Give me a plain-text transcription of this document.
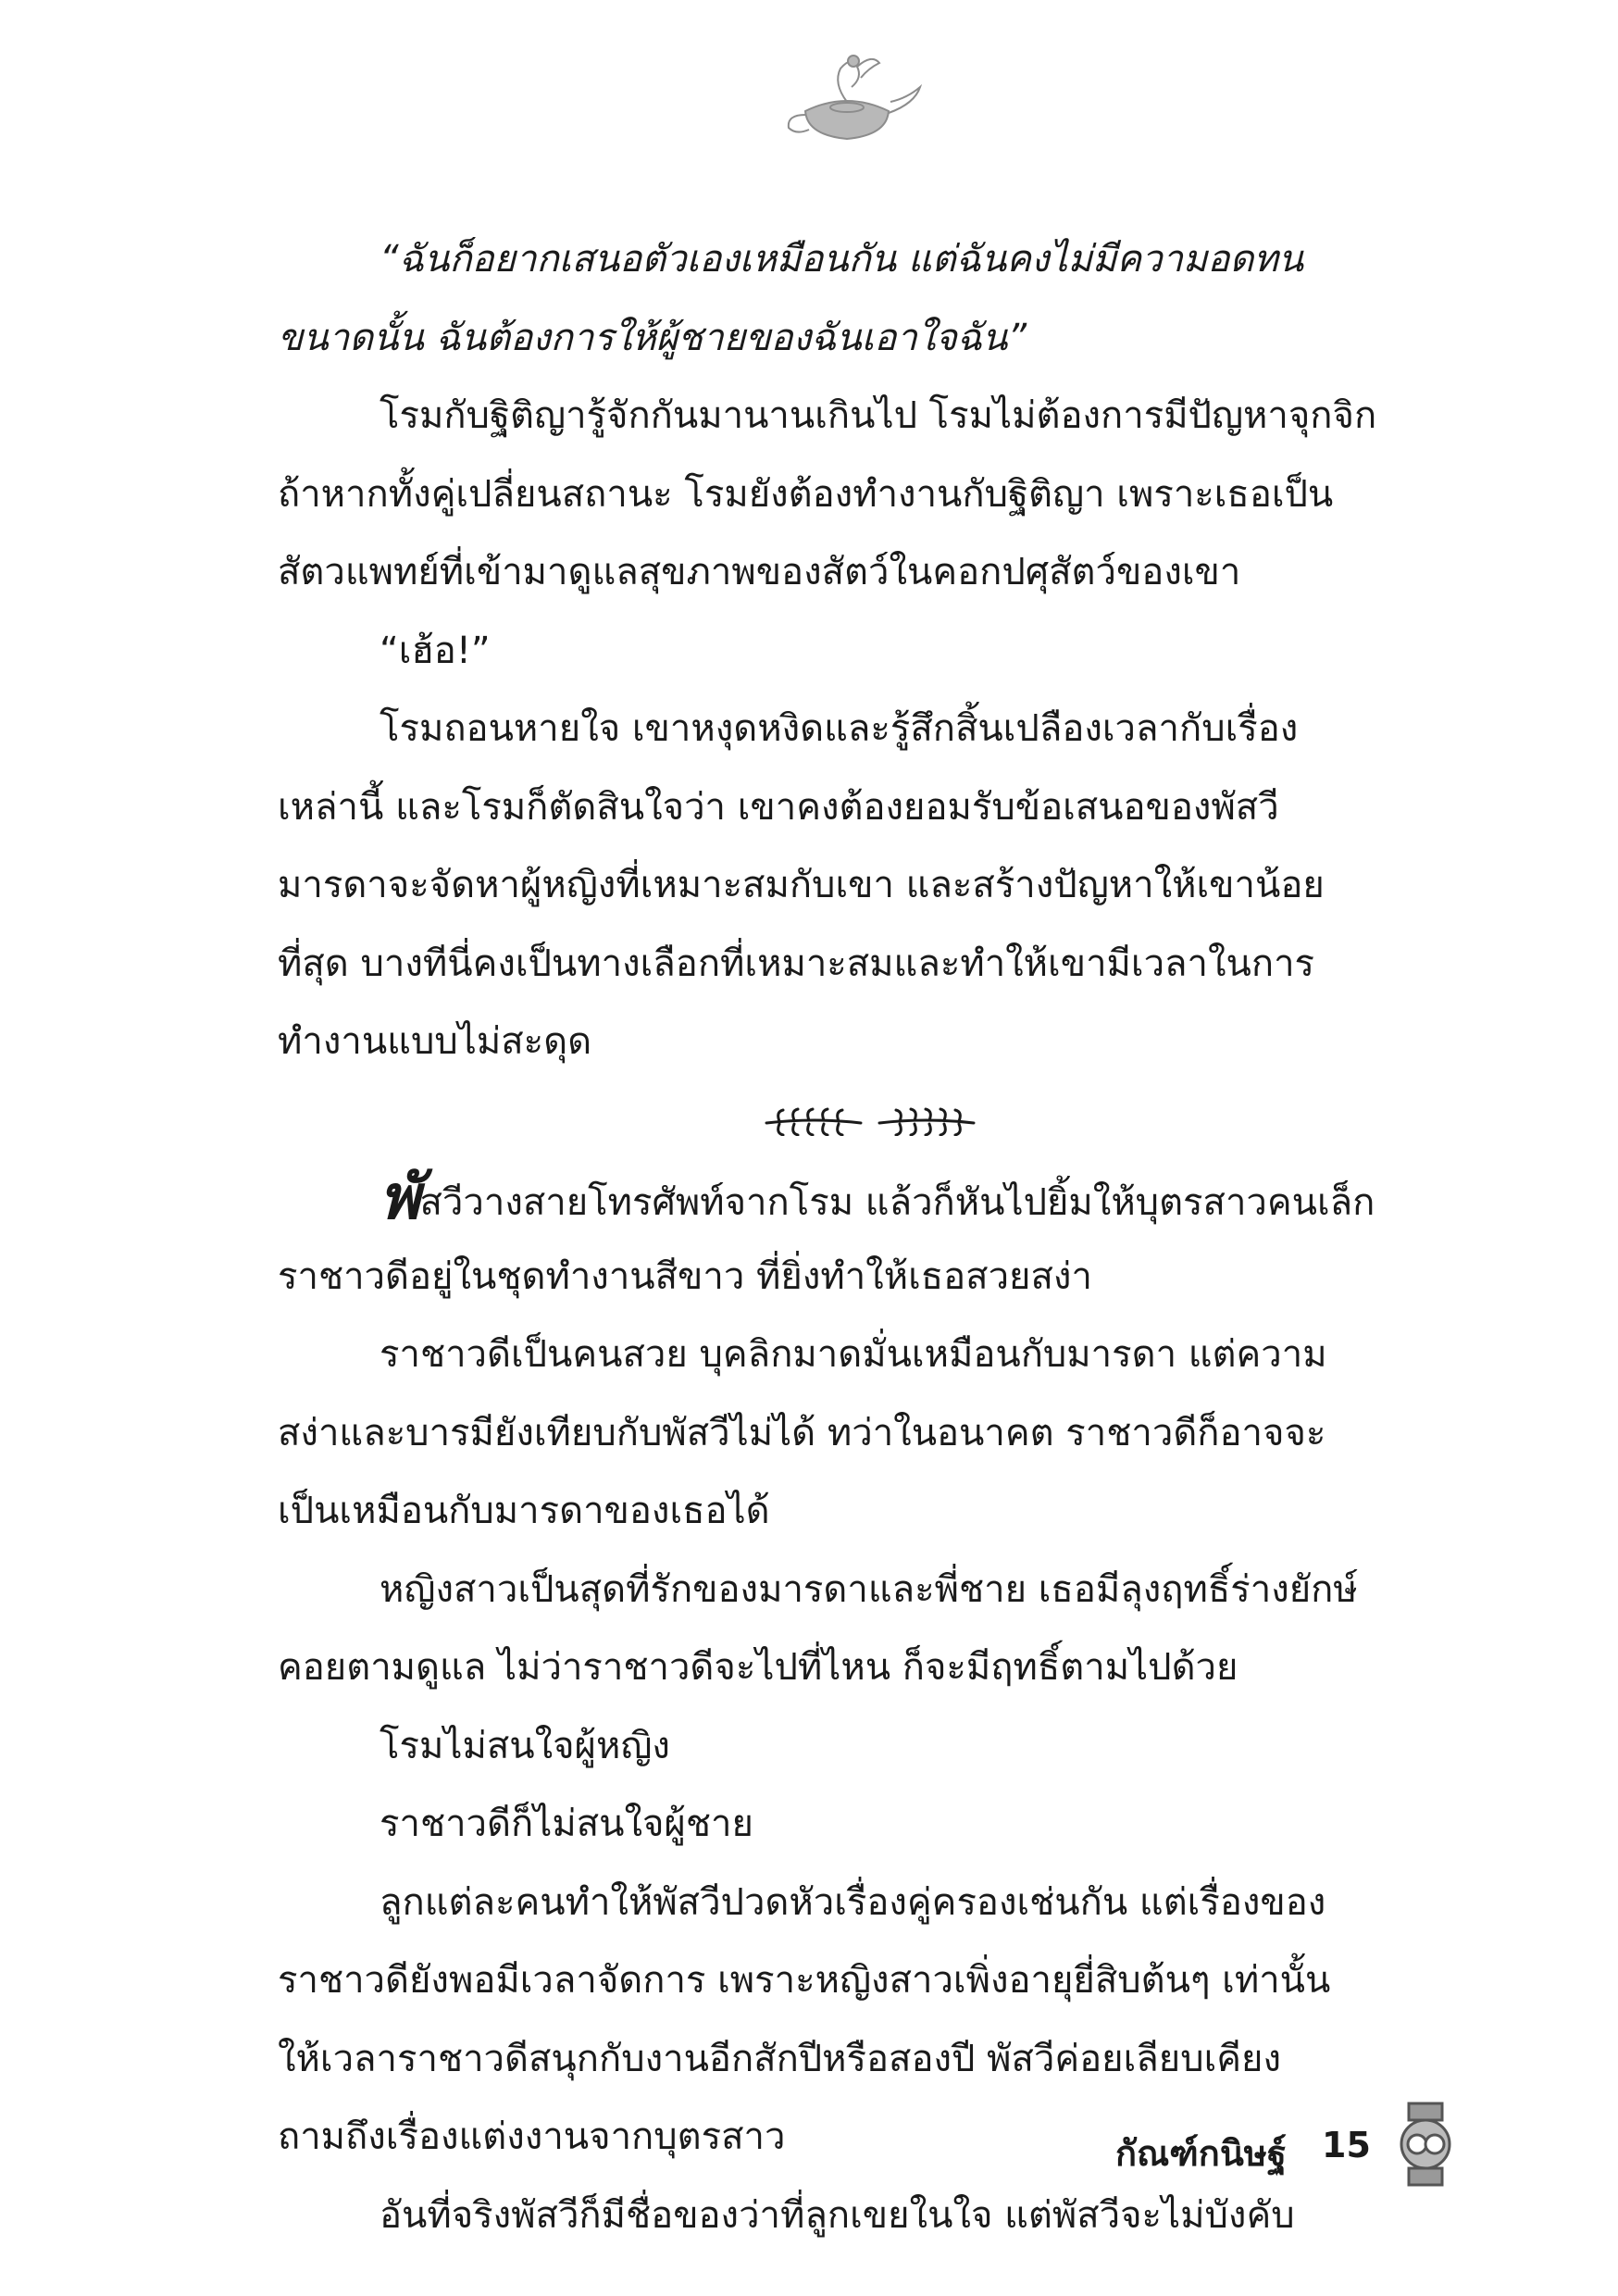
“ฉันก็อยากเสนอตัวเองเหมือนกัน แต่ฉันคงไม่มีความอดทน
ขนาดนั้น ฉันต้องการให้ผู้ชายของฉันเอาใจฉัน”
โรมกับฐิติญารู้จักกันมานานเกินไป โรมไม่ต้องการมีปัญหาจุกจิก
ถ้าหากทั้งคู่เปลี่ยนสถานะ โรมยังต้องทำงานกับฐิติญา เพราะเธอเป็น
สัตวแพทย์ที่เข้ามาดูแลสุขภาพของสัตว์ในคอกปศุสัตว์ของเขา
“เฮ้อ!”
โรมถอนหายใจ เขาหงุดหงิดและรู้สึกสิ้นเปลืองเวลากับเรื่อง
เหล่านี้ และโรมก็ตัดสินใจว่า เขาคงต้องยอมรับข้อเสนอของพัสวี
มารดาจะจัดหาผู้หญิงที่เหมาะสมกับเขา และสร้างปัญหาให้เขาน้อย
ที่สุด บางทีนี่คงเป็นทางเลือกที่เหมาะสมและทำให้เขามีเวลาในการ
ทำงานแบบไม่สะดุด
พัสวีวางสายโทรศัพท์จากโรม แล้วก็หันไปยิ้มให้บุตรสาวคนเล็ก
ราชาวดีอยู่ในชุดทำงานสีขาว ที่ยิ่งทำให้เธอสวยสง่า
ราชาวดีเป็นคนสวย บุคลิกมาดมั่นเหมือนกับมารดา แต่ความ
สง่าและบารมียังเทียบกับพัสวีไม่ได้ ทว่าในอนาคต ราชาวดีก็อาจจะ
เป็นเหมือนกับมารดาของเธอได้
หญิงสาวเป็นสุดที่รักของมารดาและพี่ชาย เธอมีลุงฤทธิ์ร่างยักษ์
คอยตามดูแล ไม่ว่าราชาวดีจะไปที่ไหน ก็จะมีฤทธิ์ตามไปด้วย
โรมไม่สนใจผู้หญิง
ราชาวดีก็ไม่สนใจผู้ชาย
ลูกแต่ละคนทำให้พัสวีปวดหัวเรื่องคู่ครองเช่นกัน แต่เรื่องของ
ราชาวดียังพอมีเวลาจัดการ เพราะหญิงสาวเพิ่งอายุยี่สิบต้นๆ เท่านั้น
ให้เวลาราชาวดีสนุกกับงานอีกสักปีหรือสองปี พัสวีค่อยเลียบเคียง
ถามถึงเรื่องแต่งงานจากบุตรสาว
อันที่จริงพัสวีก็มีชื่อของว่าที่ลูกเขยในใจ แต่พัสวีจะไม่บังคับ
กัณฑ์กนิษฐ์ 15
